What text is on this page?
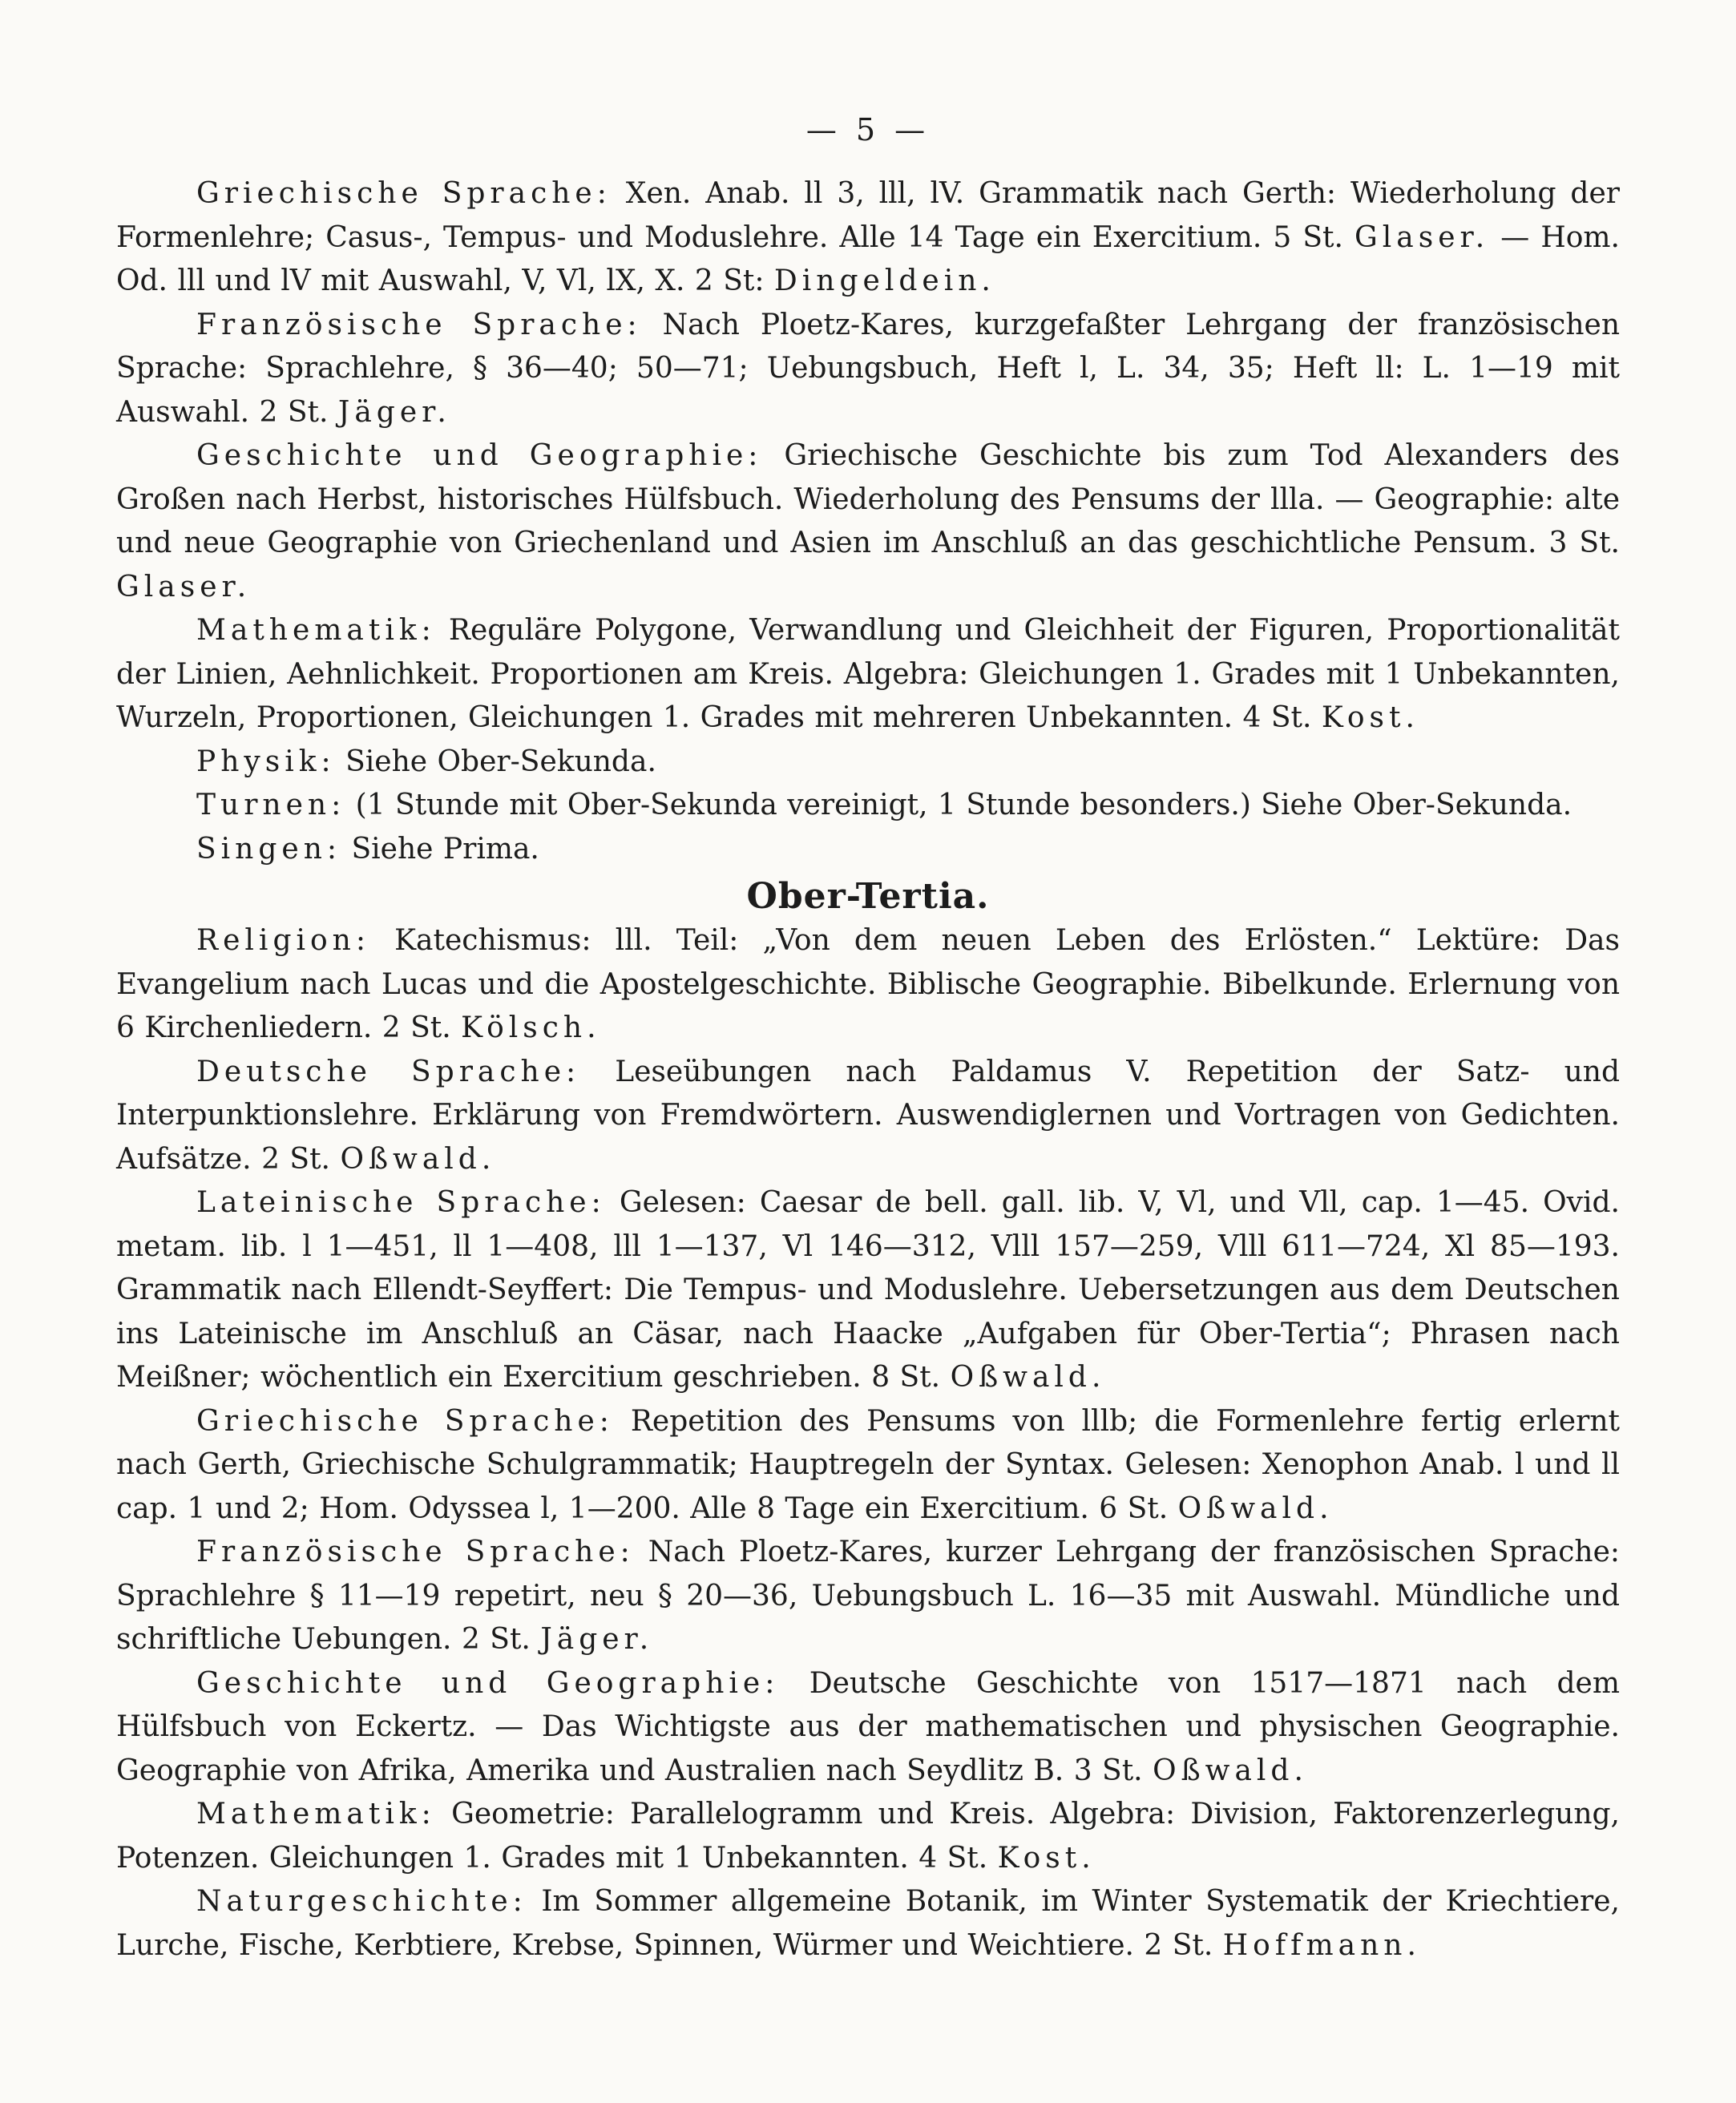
— 5 —

Griechische Sprache: Xen. Anab. ll 3, lll, lV. Grammatik nach Gerth: Wiederholung der Formenlehre; Casus-, Tempus- und Moduslehre. Alle 14 Tage ein Exercitium. 5 St. Glaser. — Hom. Od. lll und lV mit Auswahl, V, Vl, lX, X. 2 St: Dingeldein.

Französische Sprache: Nach Ploetz-Kares, kurzgefaßter Lehrgang der französischen Sprache: Sprachlehre, § 36—40; 50—71; Uebungsbuch, Heft l, L. 34, 35; Heft ll: L. 1—19 mit Auswahl. 2 St. Jäger.

Geschichte und Geographie: Griechische Geschichte bis zum Tod Alexanders des Großen nach Herbst, historisches Hülfsbuch. Wiederholung des Pensums der lllа. — Geographie: alte und neue Geographie von Griechenland und Asien im Anschluß an das geschichtliche Pensum. 3 St. Glaser.

Mathematik: Reguläre Polygone, Verwandlung und Gleichheit der Figuren, Proportionalität der Linien, Aehnlichkeit. Proportionen am Kreis. Algebra: Gleichungen 1. Grades mit 1 Unbekannten, Wurzeln, Proportionen, Gleichungen 1. Grades mit mehreren Unbekannten. 4 St. Kost.

Physik: Siehe Ober-Sekunda.

Turnen: (1 Stunde mit Ober-Sekunda vereinigt, 1 Stunde besonders.) Siehe Ober-Sekunda.

Singen: Siehe Prima.

Ober-Tertia.

Religion: Katechismus: lll. Teil: „Von dem neuen Leben des Erlösten.“ Lektüre: Das Evangelium nach Lucas und die Apostelgeschichte. Biblische Geographie. Bibelkunde. Erlernung von 6 Kirchenliedern. 2 St. Kölsch.

Deutsche Sprache: Leseübungen nach Paldamus V. Repetition der Satz- und Interpunktionslehre. Erklärung von Fremdwörtern. Auswendiglernen und Vortragen von Gedichten. Aufsätze. 2 St. Oßwald.

Lateinische Sprache: Gelesen: Caesar de bell. gall. lib. V, Vl, und Vll, cap. 1—45. Ovid. metam. lib. l 1—451, ll 1—408, lll 1—137, Vl 146—312, Vlll 157—259, Vlll 611—724, Xl 85—193. Grammatik nach Ellendt-Seyffert: Die Tempus- und Moduslehre. Uebersetzungen aus dem Deutschen ins Lateinische im Anschluß an Cäsar, nach Haacke „Aufgaben für Ober-Tertia“; Phrasen nach Meißner; wöchentlich ein Exercitium geschrieben. 8 St. Oßwald.

Griechische Sprache: Repetition des Pensums von lllb; die Formenlehre fertig erlernt nach Gerth, Griechische Schulgrammatik; Hauptregeln der Syntax. Gelesen: Xenophon Anab. l und ll cap. 1 und 2; Hom. Odyssea l, 1—200. Alle 8 Tage ein Exercitium. 6 St. Oßwald.

Französische Sprache: Nach Ploetz-Kares, kurzer Lehrgang der französischen Sprache: Sprachlehre § 11—19 repetirt, neu § 20—36, Uebungsbuch L. 16—35 mit Auswahl. Mündliche und schriftliche Uebungen. 2 St. Jäger.

Geschichte und Geographie: Deutsche Geschichte von 1517—1871 nach dem Hülfsbuch von Eckertz. — Das Wichtigste aus der mathematischen und physischen Geographie. Geographie von Afrika, Amerika und Australien nach Seydlitz B. 3 St. Oßwald.

Mathematik: Geometrie: Parallelogramm und Kreis. Algebra: Division, Faktorenzerlegung, Potenzen. Gleichungen 1. Grades mit 1 Unbekannten. 4 St. Kost.

Naturgeschichte: Im Sommer allgemeine Botanik, im Winter Systematik der Kriechtiere, Lurche, Fische, Kerbtiere, Krebse, Spinnen, Würmer und Weichtiere. 2 St. Hoffmann.
